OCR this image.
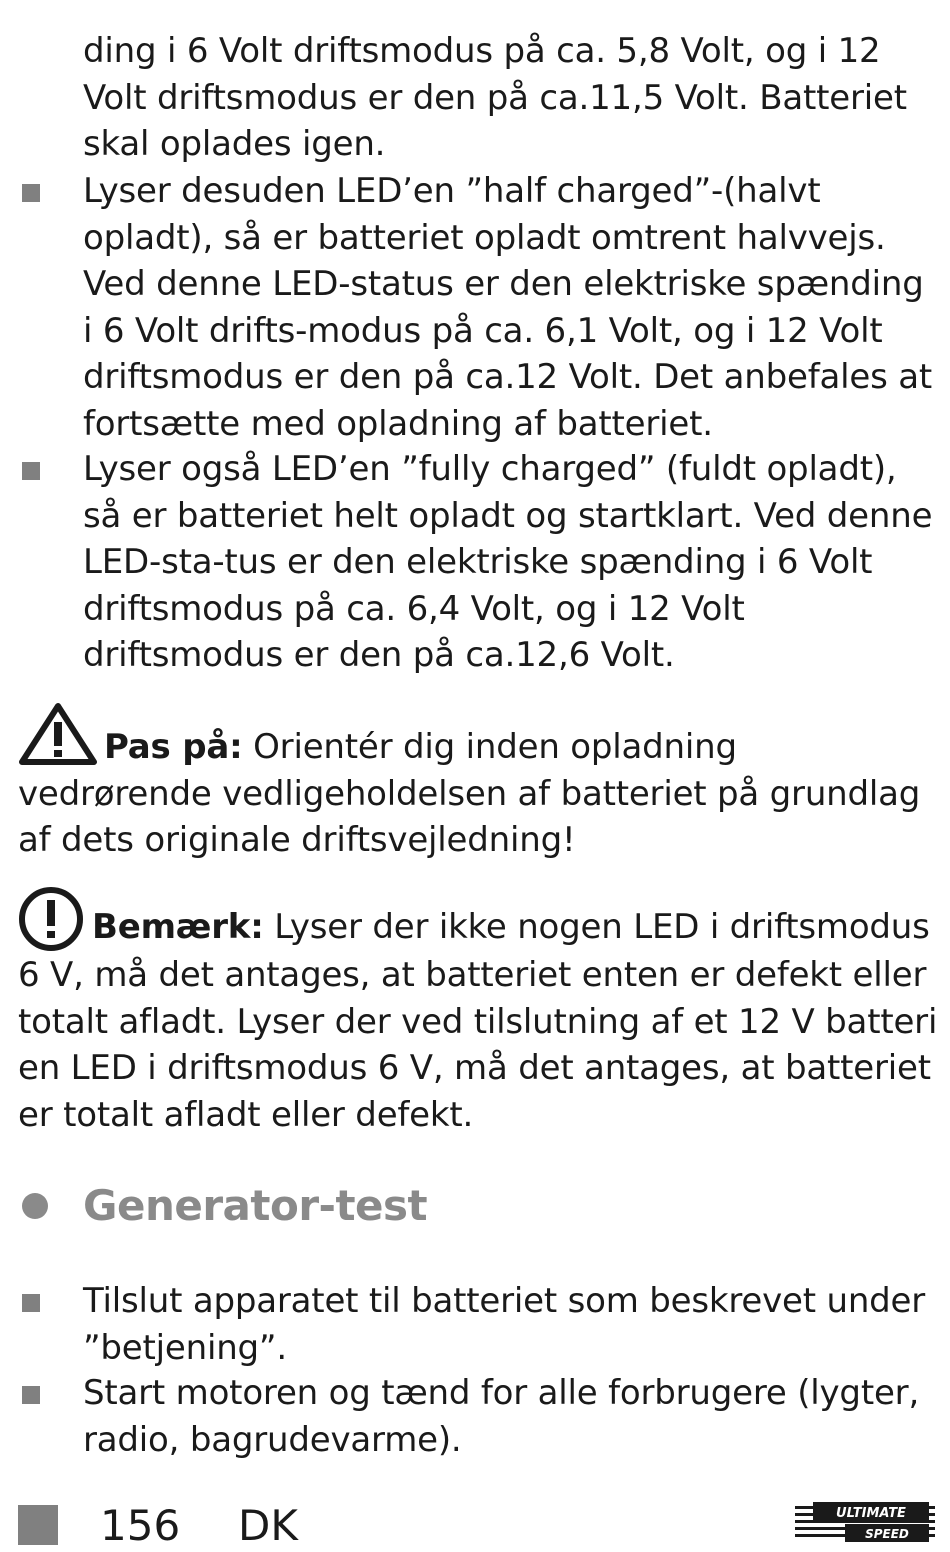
ding i 6 Volt driftsmodus på ca. 5,8 Volt, og i 12 Volt driftsmodus er den på ca.11,5 Volt. Batteriet skal oplades igen.
Lyser desuden LED’en ”half charged”-(halvt opladt), så er batteriet opladt omtrent halvvejs. Ved denne LED-status er den elektriske spænding i 6 Volt drifts-modus på ca. 6,1 Volt, og i 12 Volt driftsmodus er den på ca.12 Volt. Det anbefales at fortsætte med opladning af batteriet.
Lyser også LED’en ”fully charged” (fuldt opladt), så er batteriet helt opladt og startklart. Ved denne LED-sta-tus er den elektriske spænding i 6 Volt driftsmodus på ca. 6,4 Volt, og i 12 Volt driftsmodus er den på ca.12,6 Volt.
Pas på: Orientér dig inden opladning vedrørende vedligeholdelsen af batteriet på grundlag af dets originale driftsvejledning!
Bemærk: Lyser der ikke nogen LED i driftsmodus 6 V, må det antages, at batteriet enten er defekt eller totalt afladt. Lyser der ved tilslutning af et 12 V batteri en LED i driftsmodus 6 V, må det antages, at batteriet er totalt afladt eller defekt.
Generator-test
Tilslut apparatet til batteriet som beskrevet under ”betjening”.
Start motoren og tænd for alle forbrugere (lygter, radio, bagrudevarme).
156 DK	ULTIMATE
SPEED
